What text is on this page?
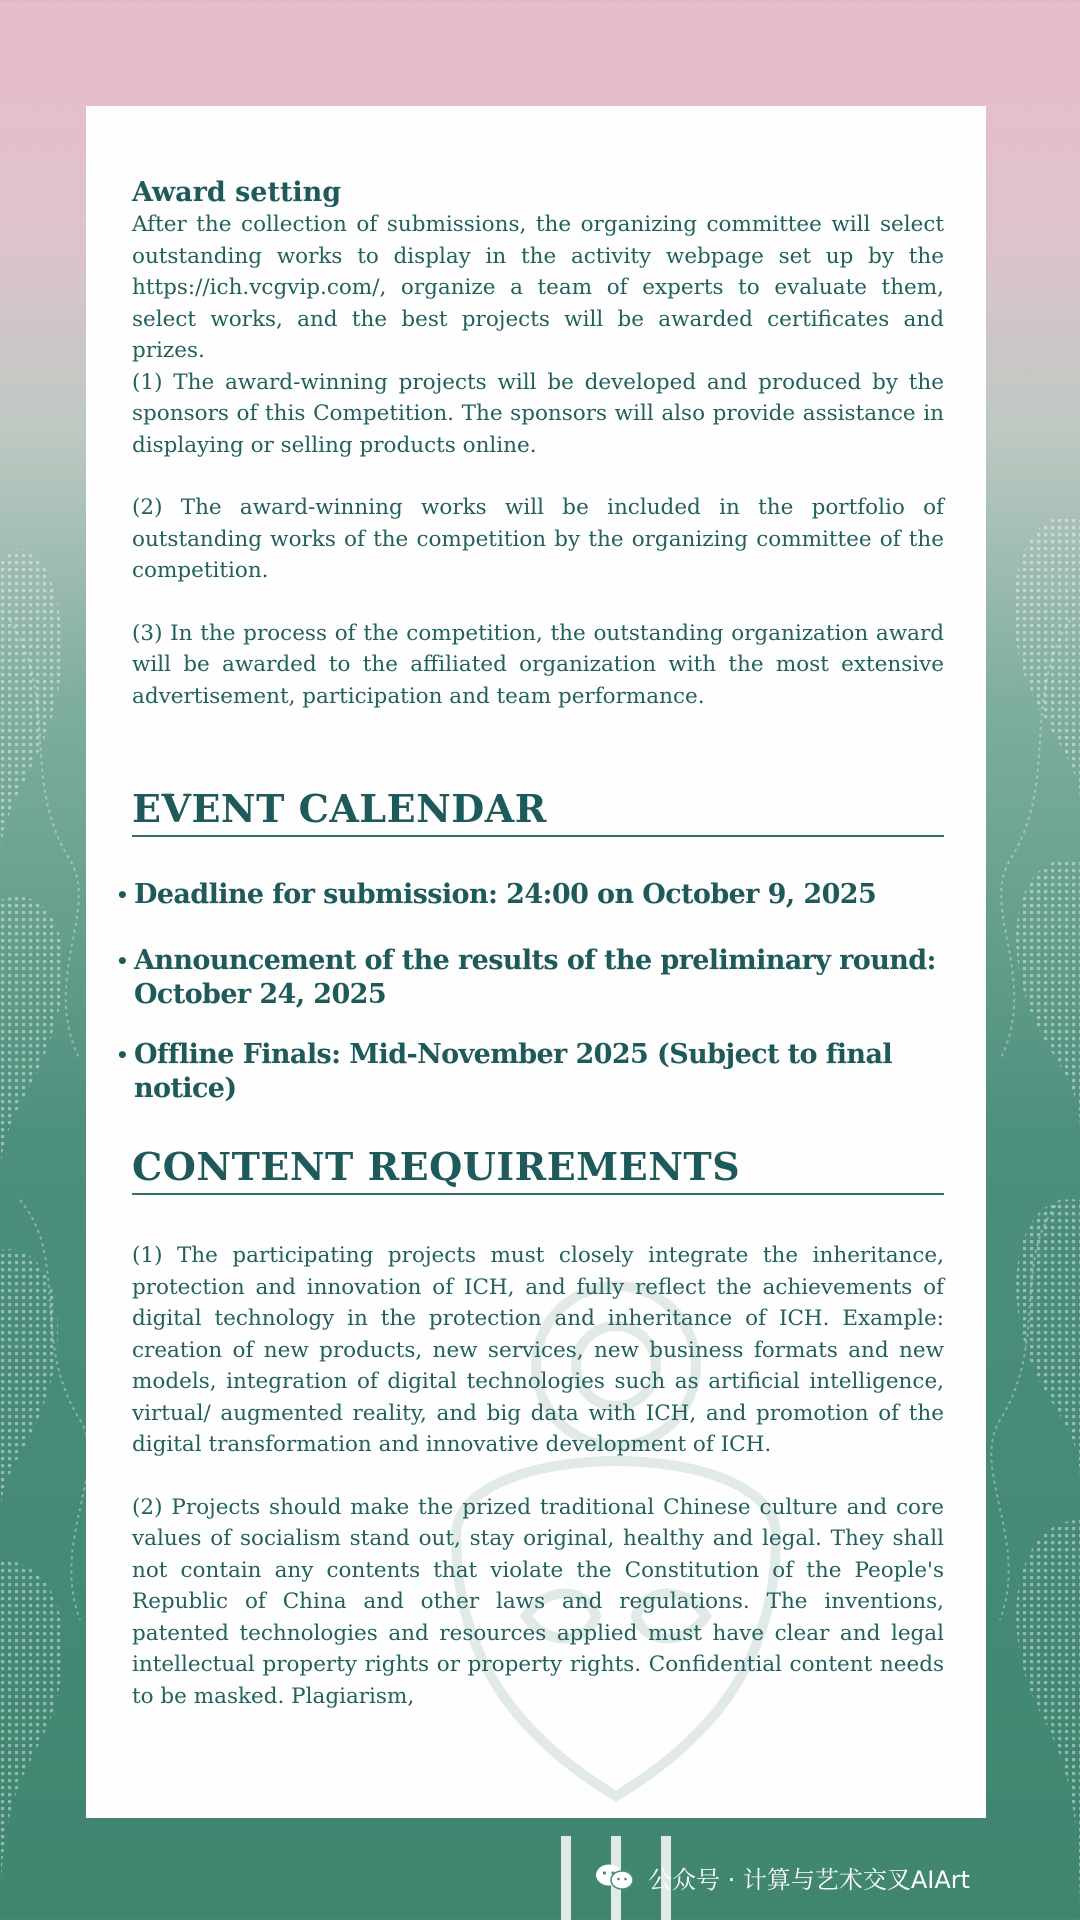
Award setting

After the collection of submissions, the organizing committee will select outstanding works to display in the activity webpage set up by the https://ich.vcgvip.com/, organize a team of experts to evaluate them, select works, and the best projects will be awarded certificates and prizes.

(1) The award-winning projects will be developed and produced by the sponsors of this Competition. The sponsors will also provide assistance in displaying or selling products online.

(2) The award-winning works will be included in the portfolio of outstanding works of the competition by the organizing committee of the competition.

(3) In the process of the competition, the outstanding organization award will be awarded to the affiliated organization with the most extensive advertisement, participation and team performance.

EVENT CALENDAR
• Deadline for submission: 24:00 on October 9, 2025
• Announcement of the results of the preliminary round: October 24, 2025
• Offline Finals: Mid-November 2025 (Subject to final notice)
CONTENT REQUIREMENTS

(1) The participating projects must closely integrate the inheritance, protection and innovation of ICH, and fully reflect the achievements of digital technology in the protection and inheritance of ICH. Example: creation of new products, new services, new business formats and new models, integration of digital technologies such as artificial intelligence, virtual/ augmented reality, and big data with ICH, and promotion of the digital transformation and innovative development of ICH.

(2) Projects should make the prized traditional Chinese culture and core values of socialism stand out, stay original, healthy and legal. They shall not contain any contents that violate the Constitution of the People's Republic of China and other laws and regulations. The inventions, patented technologies and resources applied must have clear and legal intellectual property rights or property rights. Confidential content needs to be masked. Plagiarism,

公众号 · 计算与艺术交叉AIArt
